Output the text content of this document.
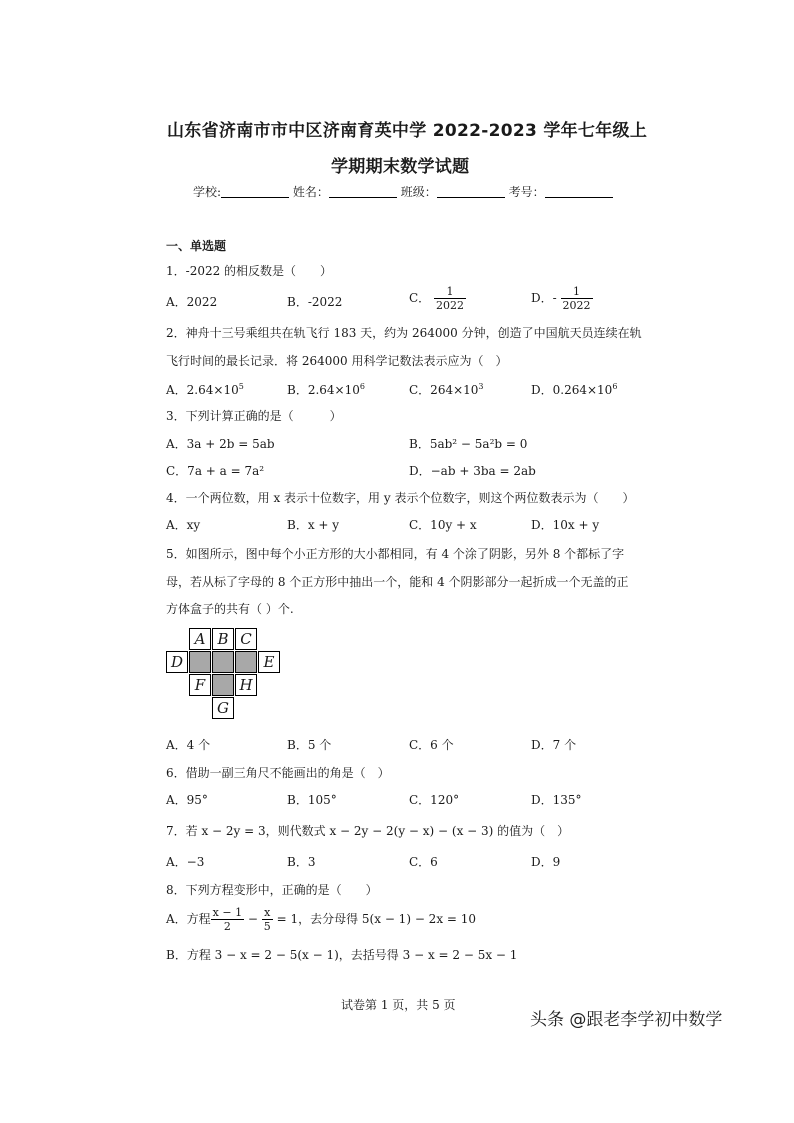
山东省济南市市中区济南育英中学 2022-2023 学年七年级上
学期期末数学试题
学校:	姓名：	班级：	考号：
一、单选题
1．-2022 的相反数是（　　）
A．2022	B．-2022	C． $\frac{1}{2022}$	D．- $\frac{1}{2022}$
2．神舟十三号乘组共在轨飞行 183 天，约为 264000 分钟，创造了中国航天员连续在轨
飞行时间的最长记录．将 264000 用科学记数法表示应为（　）
A．$2.64\times 10^5$	B．$2.64\times 10^6$	C．$264\times 10^3$	D．$0.264\times 10^6$
3．下列计算正确的是（　　　）
A．3a + 2b = 5ab	B．5ab² − 5a²b = 0
C．7a + a = 7a²	D．−ab + 3ba = 2ab
4．一个两位数，用 x 表示十位数字，用 y 表示个位数字，则这个两位数表示为（　　）
A．xy	B．x + y	C．10y + x	D．10x + y
5．如图所示，图中每个小正方形的大小都相同，有 4 个涂了阴影，另外 8 个都标了字
母，若从标了字母的 8 个正方形中抽出一个，能和 4 个阴影部分一起折成一个无盖的正
方体盒子的共有（ ）个.
A B C
D	E
F	H
G
A．4 个	B．5 个	C．6 个	D．7 个
6．借助一副三角尺不能画出的角是（　）
A．95°	B．105°	C．120°	D．135°
7．若 x − 2y = 3，则代数式 x − 2y − 2(y − x) − (x − 3) 的值为（　）
A．−3	B．3	C．6	D．9
8．下列方程变形中，正确的是（　　）
A．方程 $\frac{x - 1}{2} - \frac{x}{5} = 1$，去分母得 5(x − 1) − 2x = 10
B．方程 3 − x = 2 − 5(x − 1)，去括号得 3 − x = 2 − 5x − 1
试卷第 1 页，共 5 页
头条 @跟老李学初中数学
